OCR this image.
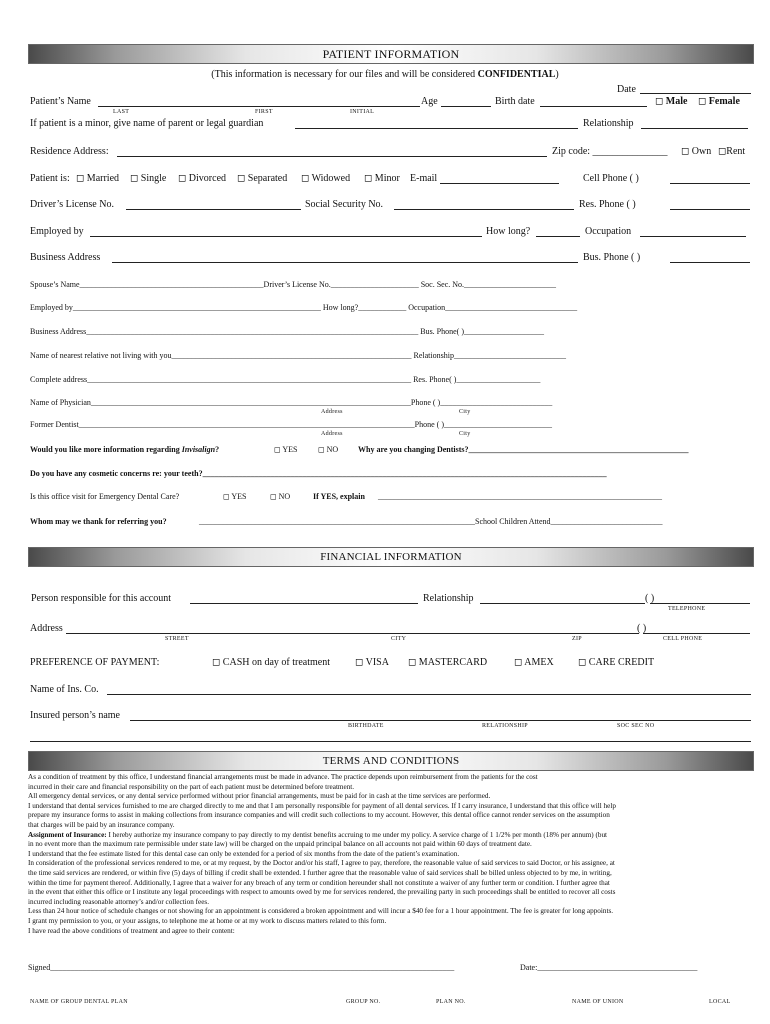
PATIENT INFORMATION
(This information is necessary for our files and will be considered CONFIDENTIAL)
Date
Patient’s Name	Age	Birth date	◻ Male ◻ Female
LAST	FIRST	INITIAL
If patient is a minor, give name of parent or legal guardian	Relationship
Residence Address:	Zip code: _______________ ◻ Own ◻Rent
Patient is: ◻ Married ◻ Single ◻ Divorced ◻ Separated ◻ Widowed ◻ Minor E-mail	Cell Phone ( )
Driver’s License No.	Social Security No.	Res. Phone ( )
Employed by	How long?	Occupation
Business Address	Bus. Phone ( )
Spouse’s Name______________________________________________Driver’s License No.______________________ Soc. Sec. No._______________________
Employed by______________________________________________________________ How long?____________ Occupation_________________________________
Business Address___________________________________________________________________________________ Bus. Phone( )____________________
Name of nearest relative not living with you____________________________________________________________ Relationship____________________________
Complete address_________________________________________________________________________________ Res. Phone( )_____________________
Name of Physician________________________________________________________________________________Phone ( )____________________________
Address	City
Former Dentist____________________________________________________________________________________Phone ( )___________________________
Address	City
Would you like more information regarding Invisalign?	◻ YES	◻ NO Why are you changing Dentists?_______________________________________________________
Do you have any cosmetic concerns re: your teeth?_____________________________________________________________________________________________________
Is this office visit for Emergency Dental Care?	◻ YES	◻ NO	If YES, explain _______________________________________________________________________
Whom may we thank for referring you?	_____________________________________________________________________School Children Attend____________________________
FINANCIAL INFORMATION
Person responsible for this account	Relationship	( )
TELEPHONE
Address	( )
STREET	CITY	ZIP	CELL PHONE
PREFERENCE OF PAYMENT:	◻ CASH on day of treatment ◻ VISA ◻ MASTERCARD	◻ AMEX ◻ CARE CREDIT
Name of Ins. Co.
Insured person’s name
BIRTHDATE	RELATIONSHIP	SOC SEC NO
TERMS AND CONDITIONS
As a condition of treatment by this office, I understand financial arrangements must be made in advance. The practice depends upon reimbursement from the patients for the cost
incurred in their care and financial responsibility on the part of each patient must be determined before treatment.
All emergency dental services, or any dental service performed without prior financial arrangements, must be paid for in cash at the time services are performed.
I understand that dental services furnished to me are charged directly to me and that I am personally responsible for payment of all dental services. If I carry insurance, I understand that this office will help
prepare my insurance forms to assist in making collections from insurance companies and will credit such collections to my account. However, this dental office cannot render services on the assumption
that charges will be paid by an insurance company.
Assignment of Insurance: I hereby authorize my insurance company to pay directly to my dentist benefits accruing to me under my policy. A service charge of 1 1/2% per month (18% per annum) (but
in no event more than the maximum rate permissible under state law) will be charged on the unpaid principal balance on all accounts not paid within 60 days of treatment date.
I understand that the fee estimate listed for this dental case can only be extended for a period of six months from the date of the patient’s examination.
In consideration of the professional services rendered to me, or at my request, by the Doctor and/or his staff, I agree to pay, therefore, the reasonable value of said services to said Doctor, or his assignee, at
the time said services are rendered, or within five (5) days of billing if credit shall be extended. I further agree that the reasonable value of said services shall be billed unless objected to by me, in writing,
within the time for payment thereof. Additionally, I agree that a waiver for any breach of any term or condition hereunder shall not constitute a waiver of any further term or condition. I further agree that
in the event that either this office or I institute any legal proceedings with respect to amounts owed by me for services rendered, the prevailing party in such proceedings shall be entitled to recover all costs
incurred including reasonable attorney’s and/or collection fees.
Less than 24 hour notice of schedule changes or not showing for an appointment is considered a broken appointment and will incur a $40 fee for a 1 hour appointment. The fee is greater for long appoints.
I grant my permission to you, or your assigns, to telephone me at home or at my work to discuss matters related to this form.
I have read the above conditions of treatment and agree to their content:
Signed_____________________________________________________________________________________________________	Date:________________________________________
NAME OF GROUP DENTAL PLAN	GROUP NO.	PLAN NO.	NAME OF UNION	LOCAL
